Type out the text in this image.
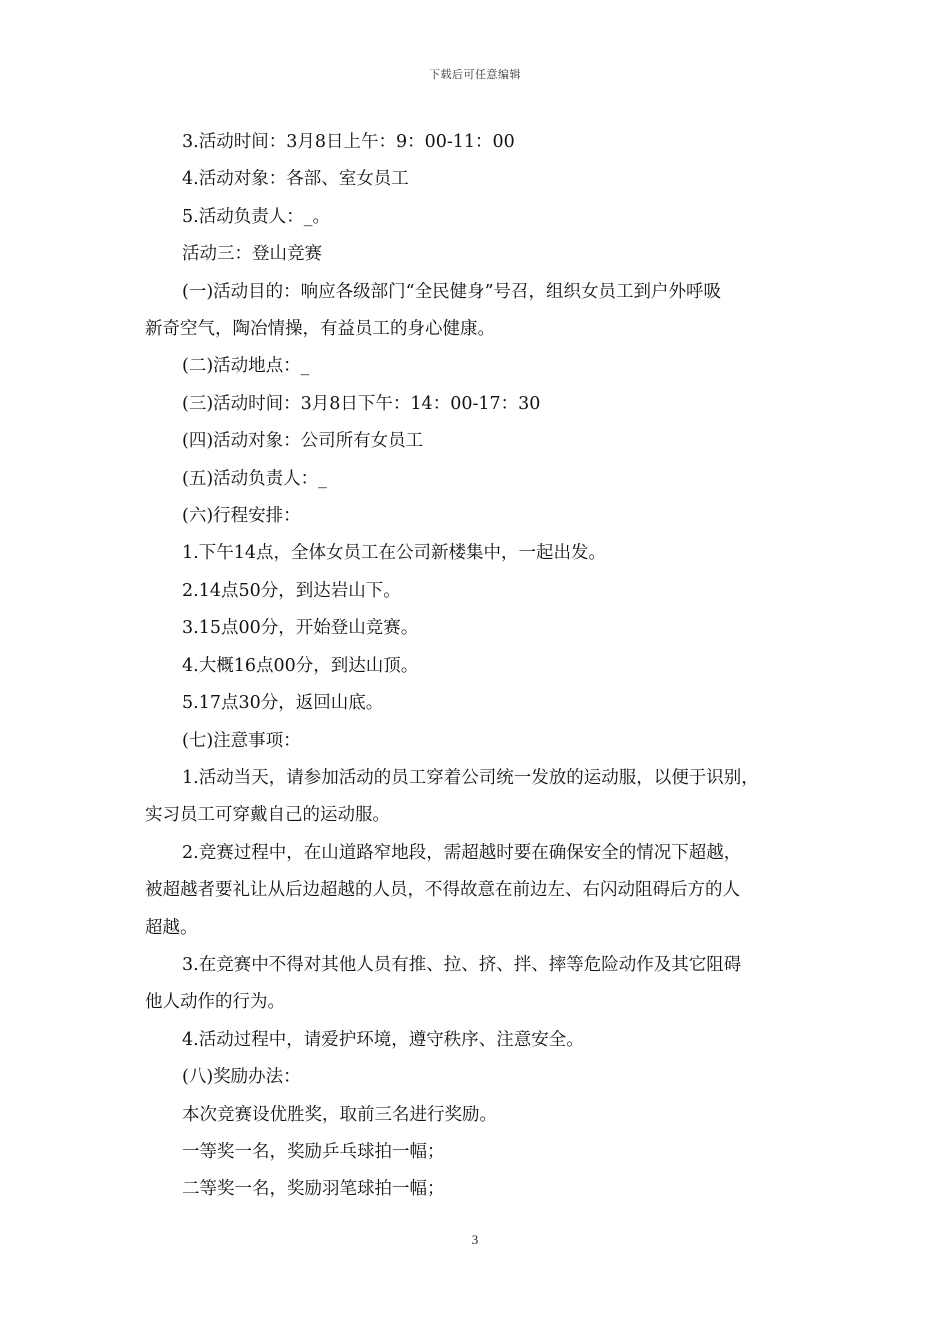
下载后可任意编辑
3.活动时间：3月8日上午：9：00-11：00
4.活动对象：各部、室女员工
5.活动负责人：_。
活动三：登山竞赛
(一)活动目的：响应各级部门“全民健身”号召，组织女员工到户外呼吸
新奇空气，陶冶情操，有益员工的身心健康。
(二)活动地点：_
(三)活动时间：3月8日下午：14：00-17：30
(四)活动对象：公司所有女员工
(五)活动负责人：_
(六)行程安排：
1.下午14点，全体女员工在公司新楼集中，一起出发。
2.14点50分，到达岩山下。
3.15点00分，开始登山竞赛。
4.大概16点00分，到达山顶。
5.17点30分，返回山底。
(七)注意事项：
1.活动当天，请参加活动的员工穿着公司统一发放的运动服，以便于识别，
实习员工可穿戴自己的运动服。
2.竞赛过程中，在山道路窄地段，需超越时要在确保安全的情况下超越，
被超越者要礼让从后边超越的人员，不得故意在前边左、右闪动阻碍后方的人
超越。
3.在竞赛中不得对其他人员有推、拉、挤、拌、摔等危险动作及其它阻碍
他人动作的行为。
4.活动过程中，请爱护环境，遵守秩序、注意安全。
(八)奖励办法：
本次竞赛设优胜奖，取前三名进行奖励。
一等奖一名，奖励乒乓球拍一幅；
二等奖一名，奖励羽笔球拍一幅；
3
